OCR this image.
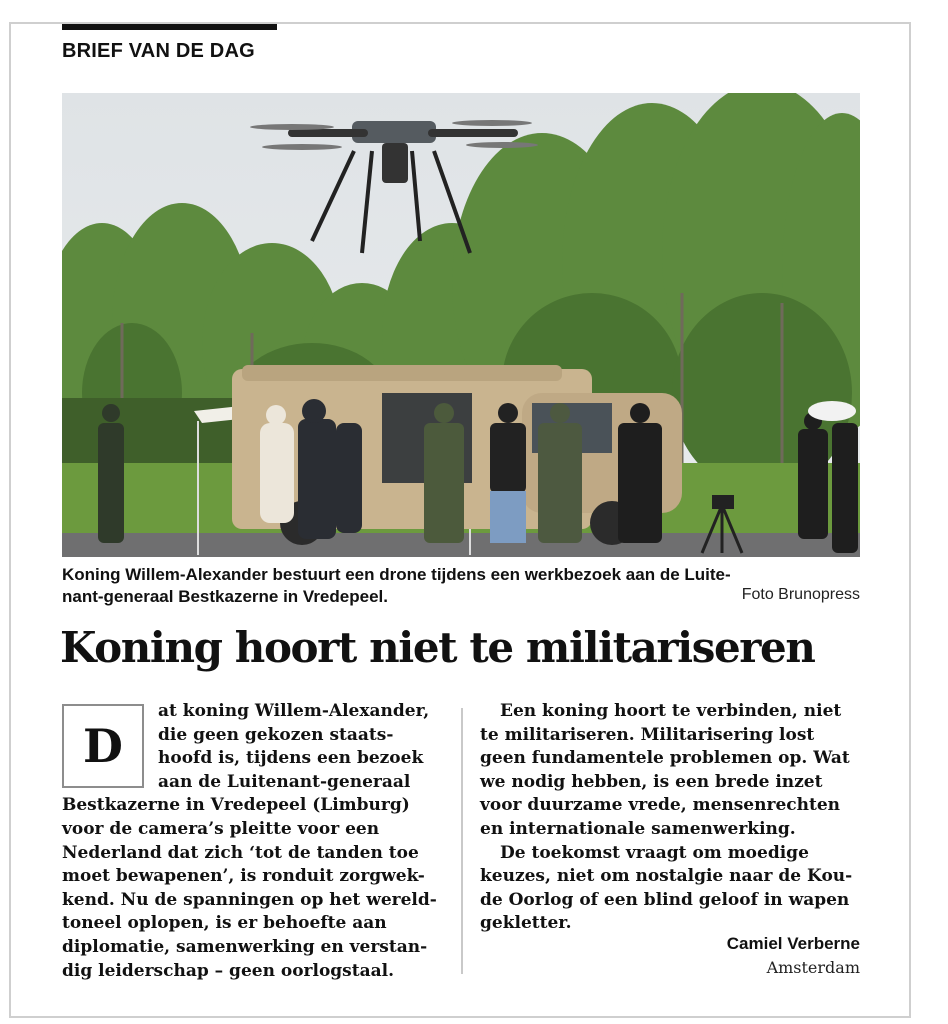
BRIEF VAN DE DAG
Koning Willem-Alexander bestuurt een drone tijdens een werkbezoek aan de Luite-
nant-generaal Bestkazerne in Vredepeel.	Foto Brunopress
Koning hoort niet te militariseren
D
at koning Willem-Alexander,
die geen gekozen staats-
hoofd is, tijdens een bezoek
aan de Luitenant-generaal
Bestkazerne in Vredepeel (Limburg)
voor de camera’s pleitte voor een
Nederland dat zich ‘tot de tanden toe
moet bewapenen’, is ronduit zorgwek-
kend. Nu de spanningen op het wereld-
toneel oplopen, is er behoefte aan
diplomatie, samenwerking en verstan-
dig leiderschap – geen oorlogstaal.
Een koning hoort te verbinden, niet
te militariseren. Militarisering lost
geen fundamentele problemen op. Wat
we nodig hebben, is een brede inzet
voor duurzame vrede, mensenrechten
en internationale samenwerking.
De toekomst vraagt om moedige
keuzes, niet om nostalgie naar de Kou-
de Oorlog of een blind geloof in wapen
gekletter.
Camiel Verberne
Amsterdam
